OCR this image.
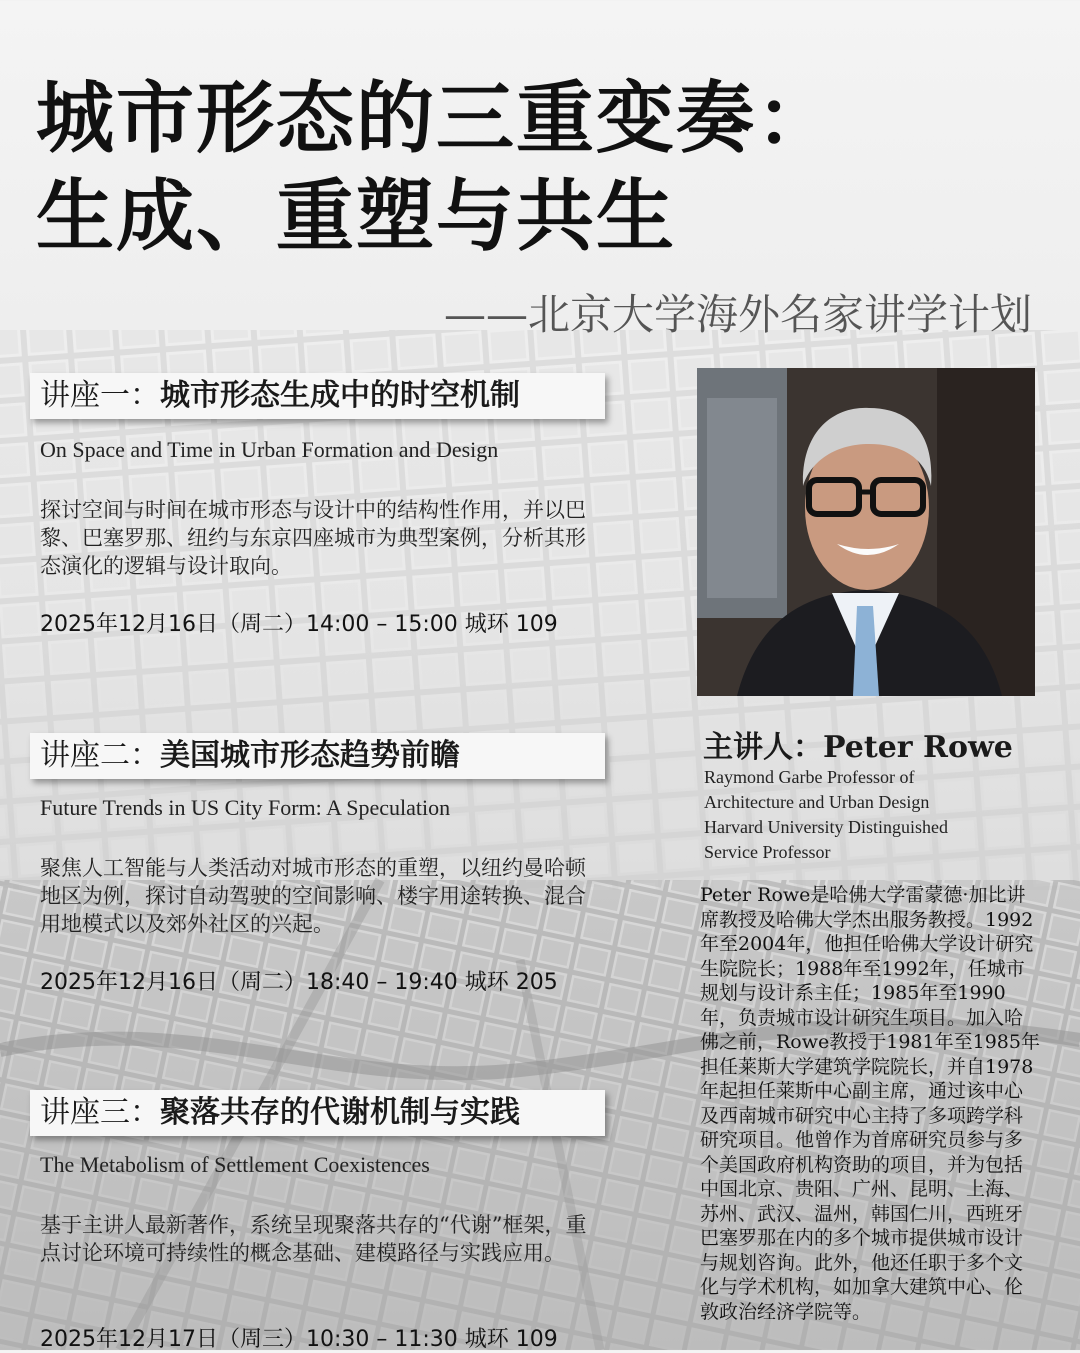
城市形态的三重变奏：
生成、重塑与共生
——北京大学海外名家讲学计划
讲座一：城市形态生成中的时空机制
On Space and Time in Urban Formation and Design
探讨空间与时间在城市形态与设计中的结构性作用，并以巴黎、巴塞罗那、纽约与东京四座城市为典型案例，分析其形态演化的逻辑与设计取向。
2025年12月16日（周二）14:00 – 15:00 城环 109
讲座二：美国城市形态趋势前瞻
Future Trends in US City Form: A Speculation
聚焦人工智能与人类活动对城市形态的重塑，以纽约曼哈顿地区为例，探讨自动驾驶的空间影响、楼宇用途转换、混合用地模式以及郊外社区的兴起。
2025年12月16日（周二）18:40 – 19:40 城环 205
讲座三：聚落共存的代谢机制与实践
The Metabolism of Settlement Coexistences
基于主讲人最新著作，系统呈现聚落共存的“代谢”框架，重点讨论环境可持续性的概念基础、建模路径与实践应用。
2025年12月17日（周三）10:30 – 11:30 城环 109
主讲人：Peter Rowe
Raymond Garbe Professor of
Architecture and Urban Design
Harvard University Distinguished
Service Professor
Peter Rowe是哈佛大学雷蒙德·加比讲席教授及哈佛大学杰出服务教授。1992年至2004年，他担任哈佛大学设计研究生院院长；1988年至1992年，任城市规划与设计系主任；1985年至1990年，负责城市设计研究生项目。加入哈佛之前，Rowe教授于1981年至1985年担任莱斯大学建筑学院院长，并自1978年起担任莱斯中心副主席，通过该中心及西南城市研究中心主持了多项跨学科研究项目。他曾作为首席研究员参与多个美国政府机构资助的项目，并为包括中国北京、贵阳、广州、昆明、上海、苏州、武汉、温州，韩国仁川，西班牙巴塞罗那在内的多个城市提供城市设计与规划咨询。此外，他还任职于多个文化与学术机构，如加拿大建筑中心、伦敦政治经济学院等。
